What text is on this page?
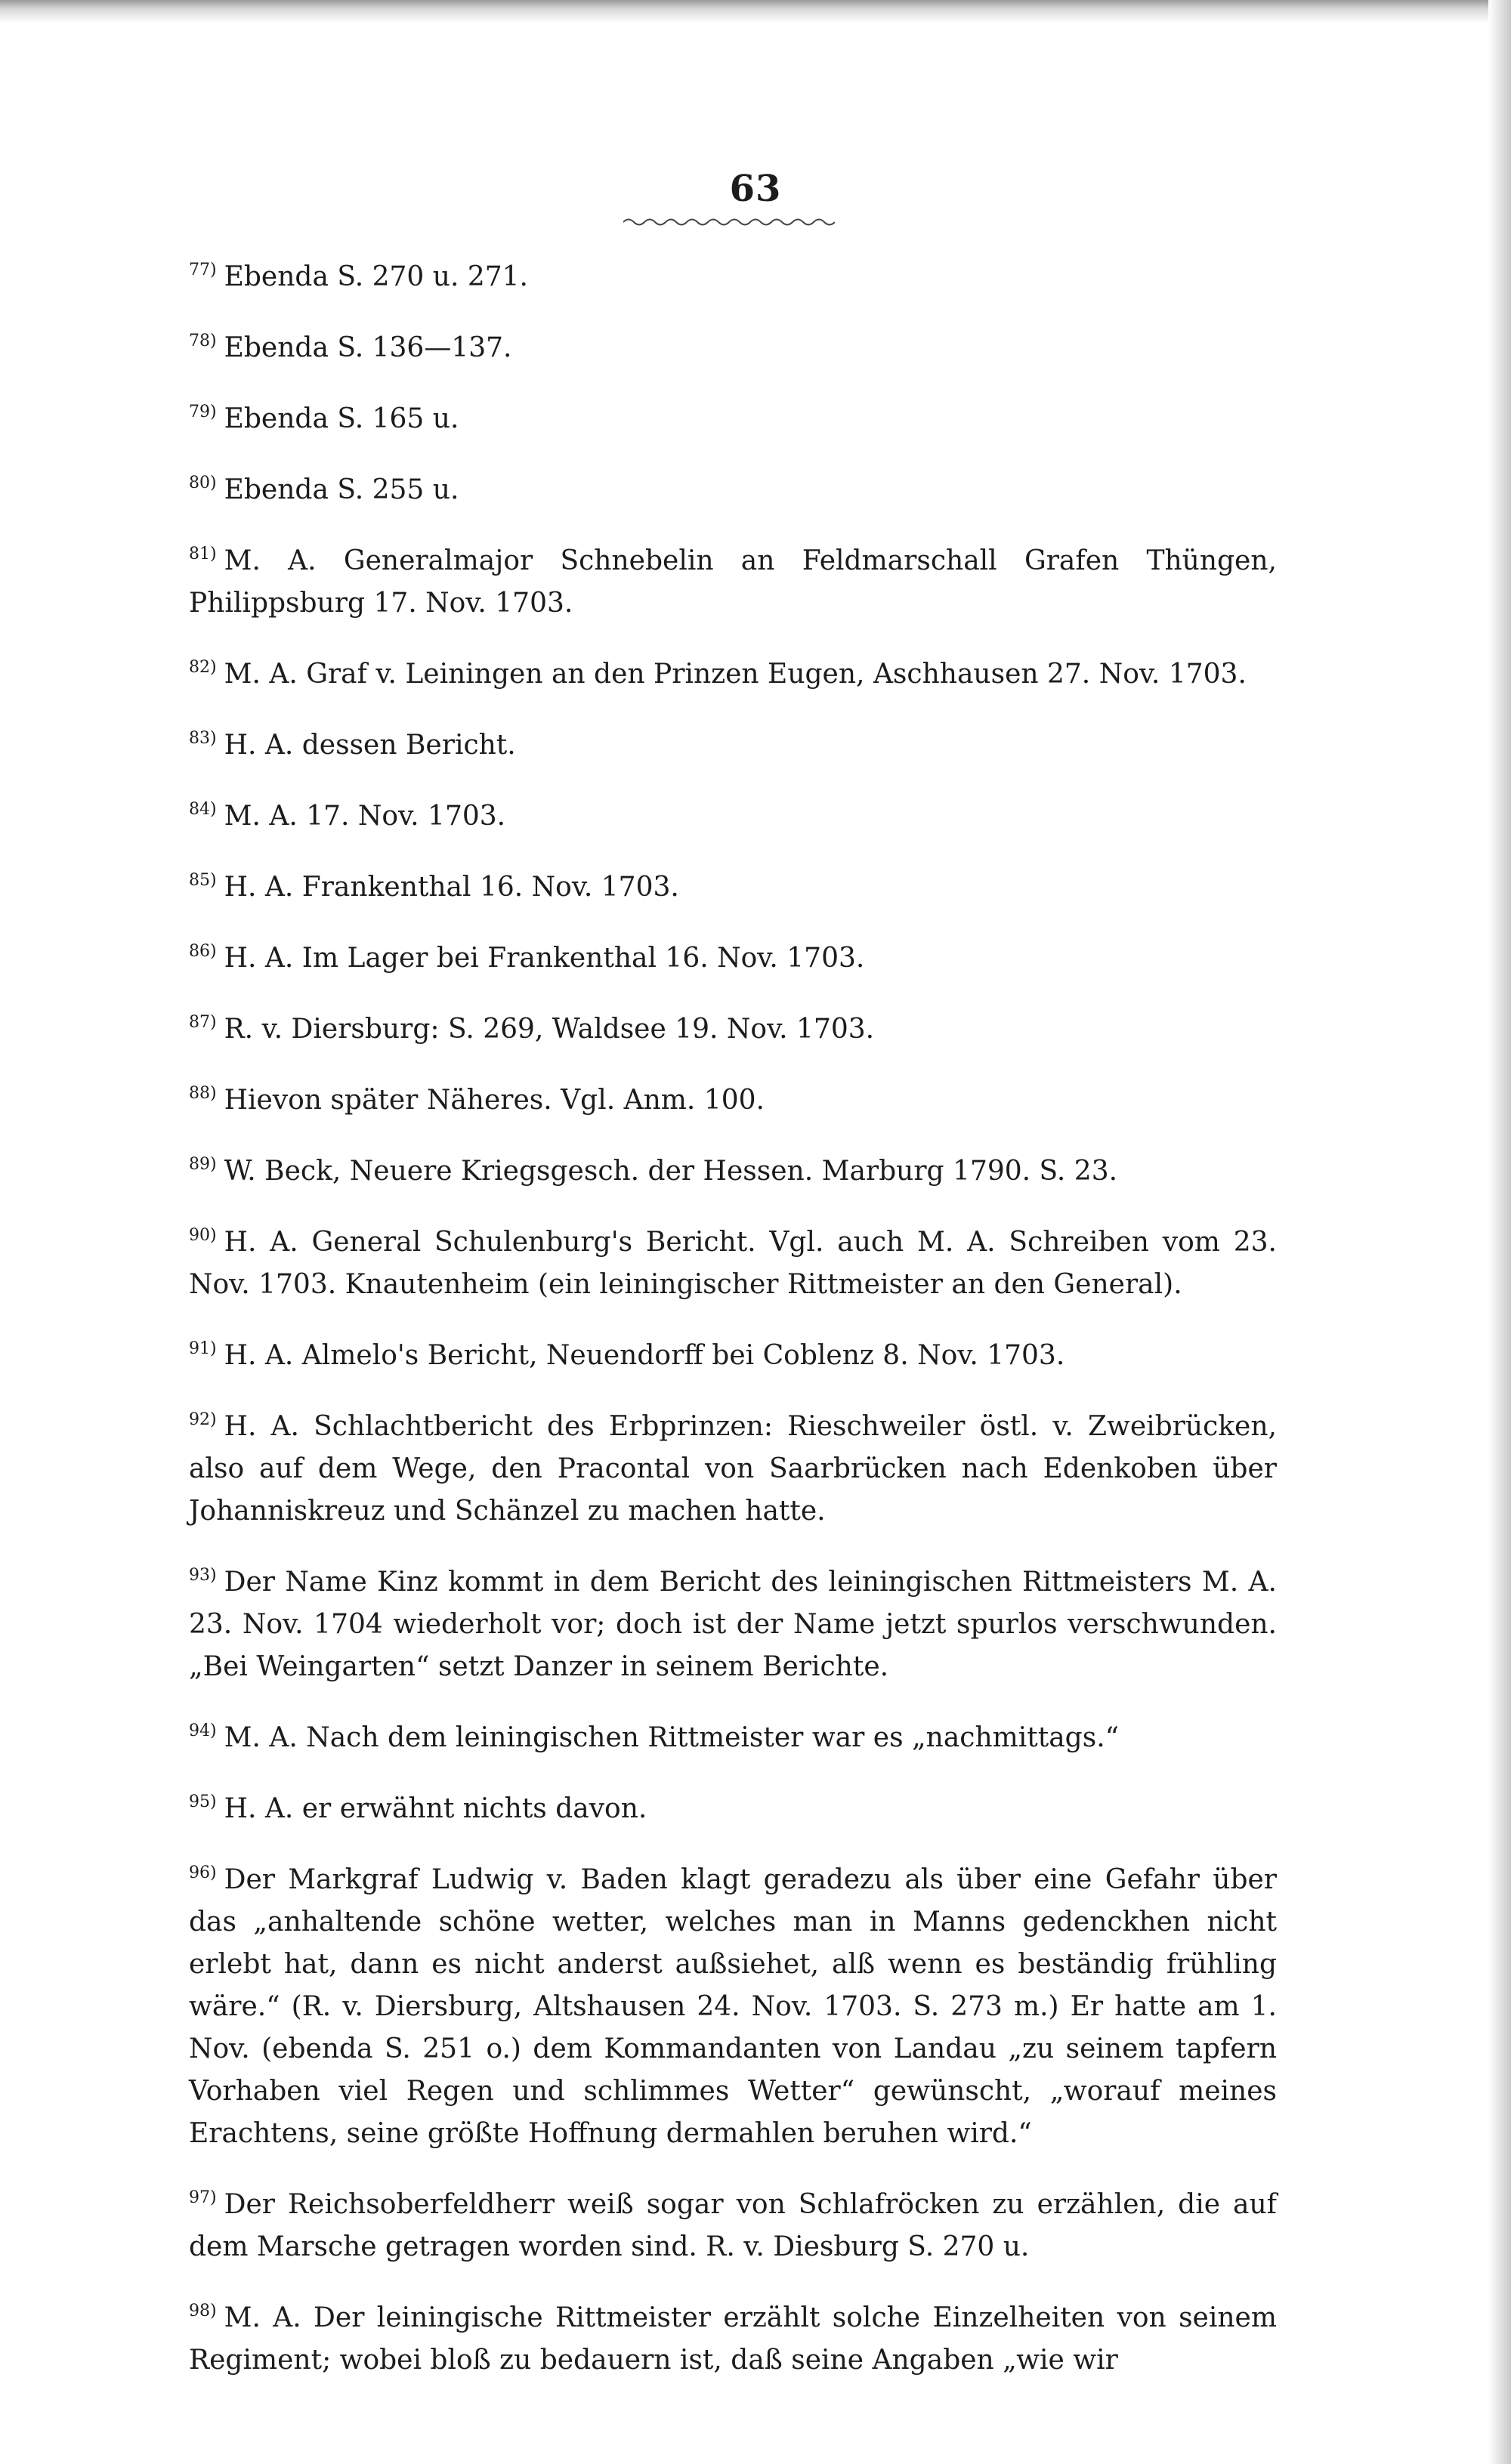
63

$^{77)}$ Ebenda S. 270 u. 271.

$^{78)}$ Ebenda S. 136—137.

$^{79)}$ Ebenda S. 165 u.

$^{80)}$ Ebenda S. 255 u.

$^{81)}$ M. A. Generalmajor Schnebelin an Feldmarschall Grafen Thüngen, Philippsburg 17. Nov. 1703.

$^{82)}$ M. A. Graf v. Leiningen an den Prinzen Eugen, Aschhausen 27. Nov. 1703.

$^{83)}$ H. A. dessen Bericht.

$^{84)}$ M. A. 17. Nov. 1703.

$^{85)}$ H. A. Frankenthal 16. Nov. 1703.

$^{86)}$ H. A. Im Lager bei Frankenthal 16. Nov. 1703.

$^{87)}$ R. v. Diersburg: S. 269, Waldsee 19. Nov. 1703.

$^{88)}$ Hievon später Näheres. Vgl. Anm. 100.

$^{89)}$ W. Beck, Neuere Kriegsgesch. der Hessen. Marburg 1790. S. 23.

$^{90)}$ H. A. General Schulenburg's Bericht. Vgl. auch M. A. Schreiben vom 23. Nov. 1703. Knautenheim (ein leiningischer Rittmeister an den General).

$^{91)}$ H. A. Almelo's Bericht, Neuendorff bei Coblenz 8. Nov. 1703.

$^{92)}$ H. A. Schlachtbericht des Erbprinzen: Rieschweiler östl. v. Zweibrücken, also auf dem Wege, den Pracontal von Saarbrücken nach Edenkoben über Johanniskreuz und Schänzel zu machen hatte.

$^{93)}$ Der Name Kinz kommt in dem Bericht des leiningischen Rittmeisters M. A. 23. Nov. 1704 wiederholt vor; doch ist der Name jetzt spurlos verschwunden. „Bei Weingarten“ setzt Danzer in seinem Berichte.

$^{94)}$ M. A. Nach dem leiningischen Rittmeister war es „nachmittags.“

$^{95)}$ H. A. er erwähnt nichts davon.

$^{96)}$ Der Markgraf Ludwig v. Baden klagt geradezu als über eine Gefahr über das „anhaltende schöne wetter, welches man in Manns gedenckhen nicht erlebt hat, dann es nicht anderst außsiehet, alß wenn es beständig frühling wäre.“ (R. v. Diersburg, Altshausen 24. Nov. 1703. S. 273 m.) Er hatte am 1. Nov. (ebenda S. 251 o.) dem Kommandanten von Landau „zu seinem tapfern Vorhaben viel Regen und schlimmes Wetter“ gewünscht, „worauf meines Erachtens, seine größte Hoffnung dermahlen beruhen wird.“

$^{97)}$ Der Reichsoberfeldherr weiß sogar von Schlafröcken zu erzählen, die auf dem Marsche getragen worden sind. R. v. Diesburg S. 270 u.

$^{98)}$ M. A. Der leiningische Rittmeister erzählt solche Einzelheiten von seinem Regiment; wobei bloß zu bedauern ist, daß seine Angaben „wie wir
